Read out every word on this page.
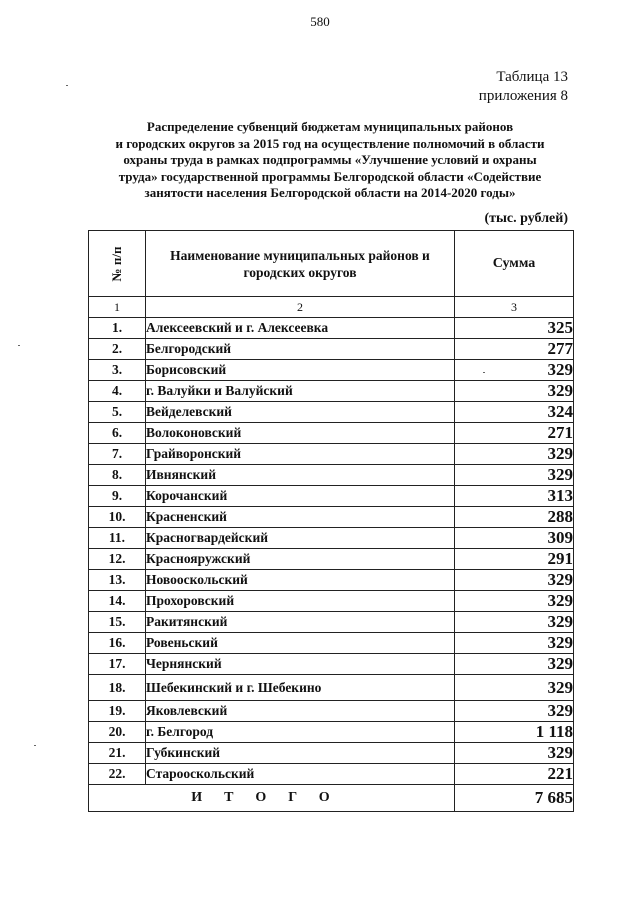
580
Таблица 13
приложения 8
Распределение субвенций бюджетам муниципальных районов
и городских округов за 2015 год на осуществление полномочий в области
охраны труда в рамках подпрограммы «Улучшение условий и охраны
труда» государственной программы Белгородской области «Содействие
занятости населения Белгородской области на 2014-2020 годы»
(тыс. рублей)
№ п/п	Наименование муниципальных районов и городских округов	Сумма
1	2	3
1.	Алексеевский и г. Алексеевка	325
2.	Белгородский	277
3.	Борисовский	329
4.	г. Валуйки и Валуйский	329
5.	Вейделевский	324
6.	Волоконовский	271
7.	Грайворонский	329
8.	Ивнянский	329
9.	Корочанский	313
10.	Красненский	288
11.	Красногвардейский	309
12.	Краснояружский	291
13.	Новооскольский	329
14.	Прохоровский	329
15.	Ракитянский	329
16.	Ровеньский	329
17.	Чернянский	329
18.	Шебекинский и г. Шебекино	329
19.	Яковлевский	329
20.	г. Белгород	1 118
21.	Губкинский	329
22.	Старооскольский	221
ИТОГО		7 685
